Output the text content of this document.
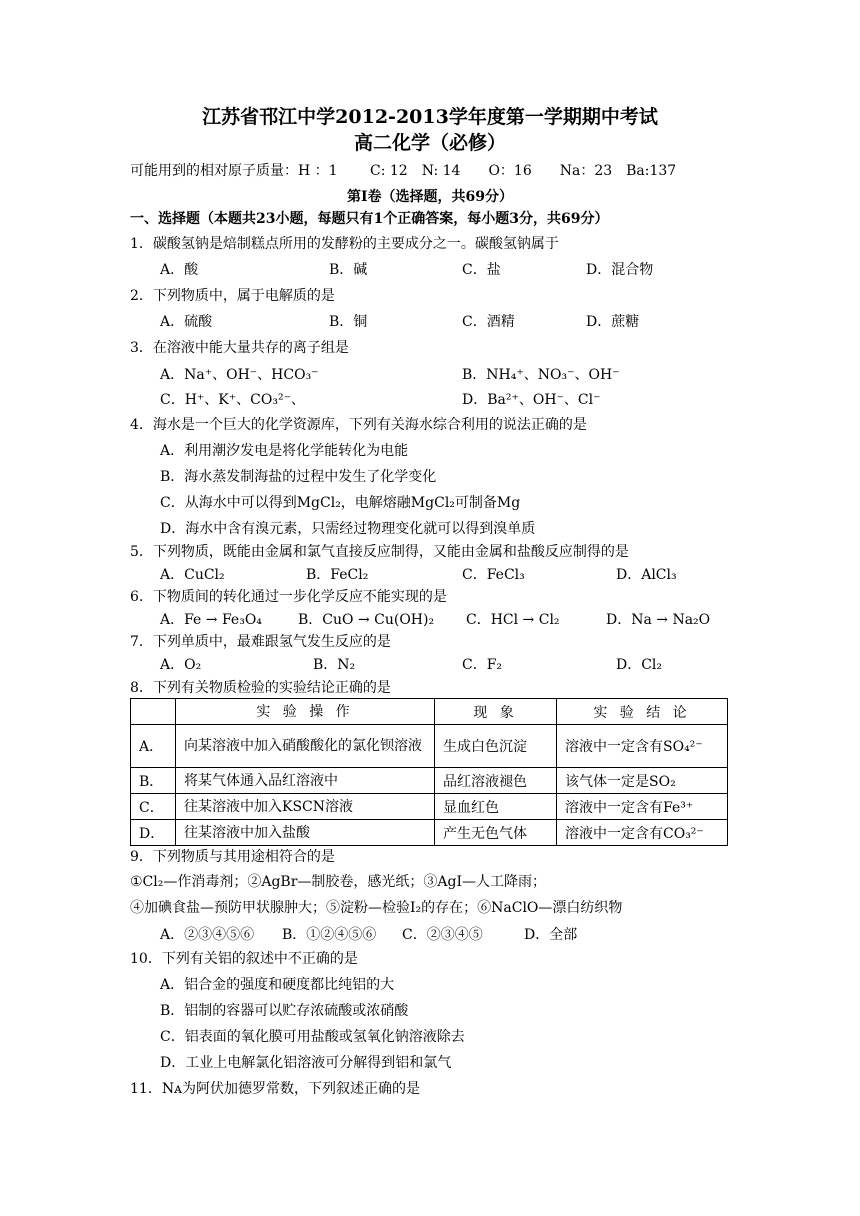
江苏省邗江中学2012-2013学年度第一学期期中考试
高二化学（必修）
可能用到的相对原子质量：H ：1　　 C: 12　N: 14　　O：16　　Na：23　Ba:137
第Ⅰ卷（选择题，共69分）
一、选择题（本题共23小题，每题只有1个正确答案，每小题3分，共69分）
1．碳酸氢钠是焙制糕点所用的发酵粉的主要成分之一。碳酸氢钠属于
A．酸	B．碱	C．盐	D．混合物
2．下列物质中，属于电解质的是
A．硫酸	B．铜	C．酒精	D．蔗糖
3．在溶液中能大量共存的离子组是
A．Na⁺、OH⁻、HCO₃⁻	B．NH₄⁺、NO₃⁻、OH⁻
C．H⁺、K⁺、CO₃²⁻、	D．Ba²⁺、OH⁻、Cl⁻
4．海水是一个巨大的化学资源库，下列有关海水综合利用的说法正确的是
A．利用潮汐发电是将化学能转化为电能
B．海水蒸发制海盐的过程中发生了化学变化
C．从海水中可以得到MgCl₂，电解熔融MgCl₂可制备Mg
D．海水中含有溴元素，只需经过物理变化就可以得到溴单质
5．下列物质，既能由金属和氯气直接反应制得，又能由金属和盐酸反应制得的是
A．CuCl₂	B．FeCl₂	C．FeCl₃	D．AlCl₃
6．下物质间的转化通过一步化学反应不能实现的是
A．Fe → Fe₃O₄	B．CuO → Cu(OH)₂ C．HCl → Cl₂	D．Na → Na₂O
7．下列单质中，最难跟氢气发生反应的是
A．O₂	B．N₂	C．F₂	D．Cl₂
8．下列有关物质检验的实验结论正确的是
	实 验 操 作	现 象	实 验 结 论
A．	向某溶液中加入硝酸酸化的氯化钡溶液	生成白色沉淀	溶液中一定含有SO₄²⁻
B．	将某气体通入品红溶液中	品红溶液褪色	该气体一定是SO₂
C．	往某溶液中加入KSCN溶液	显血红色	溶液中一定含有Fe³⁺
D．	往某溶液中加入盐酸	产生无色气体	溶液中一定含有CO₃²⁻
9．下列物质与其用途相符合的是
①Cl₂—作消毒剂；②AgBr—制胶卷，感光纸；③AgI—人工降雨；
④加碘食盐—预防甲状腺肿大；⑤淀粉—检验I₂的存在；⑥NaClO—漂白纺织物
A．②③④⑤⑥ B．①②④⑤⑥ C．②③④⑤	D．全部
10．下列有关铝的叙述中不正确的是
A．铝合金的强度和硬度都比纯铝的大
B．铝制的容器可以贮存浓硫酸或浓硝酸
C．铝表面的氧化膜可用盐酸或氢氧化钠溶液除去
D．工业上电解氯化铝溶液可分解得到铝和氯气
11．Nᴀ为阿伏加德罗常数，下列叙述正确的是
